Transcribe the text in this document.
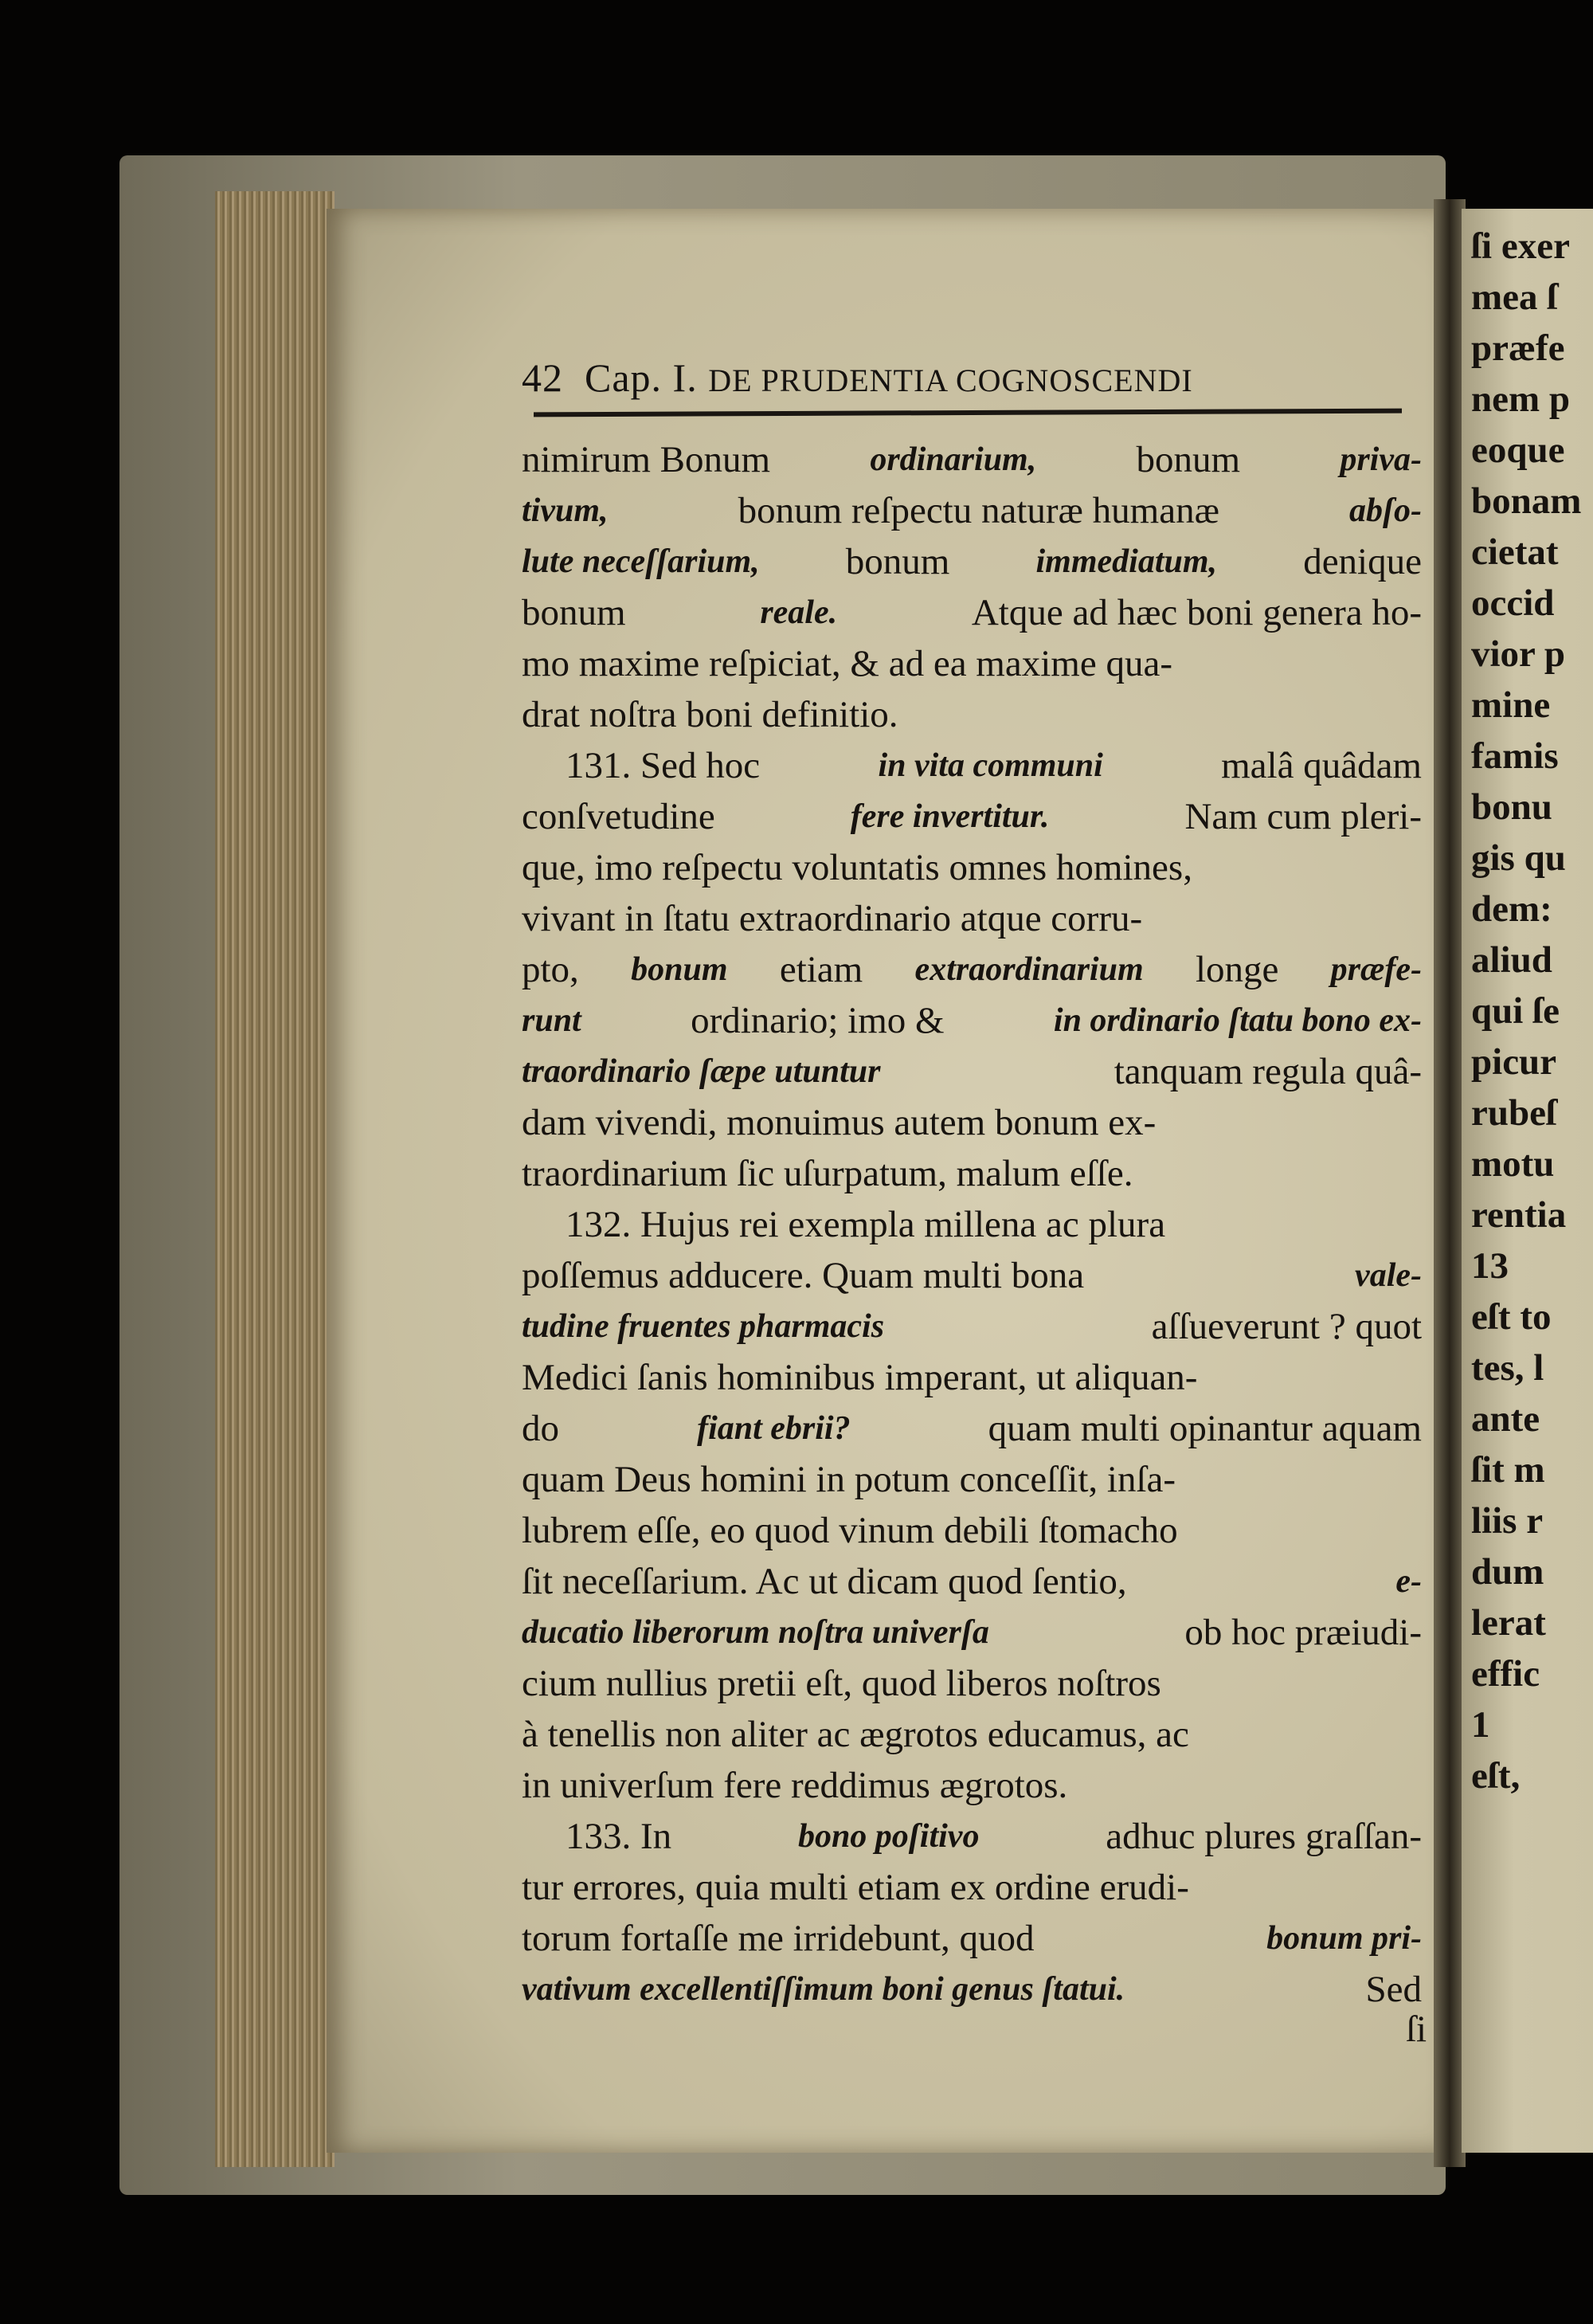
ſi exer
mea ſ
præfe
nem p
eoque
bonam
cietat
occid
vior p
mine
famis
bonu
gis qu
dem:
aliud
qui ſe
picur
rubeſ
motu
rentia
13
eſt to
tes, l
ante
ſit m
liis r
dum
lerat
effic
1
eſt,
42 Cap. I. DE PRUDENTIA COGNOSCENDI
nimirum Bonum	ordinarium,	bonum	priva-
tivum,	bonum reſpectu naturæ humanæ	abſo-
lute neceſſarium, bonum	immediatum, denique
bonum	reale.	Atque ad hæc boni genera ho-
mo maxime reſpiciat, & ad ea maxime qua-
drat noſtra boni definitio.
131. Sed hoc	in vita communi	malâ quâdam
conſvetudine	fere invertitur.	Nam cum pleri-
que, imo reſpectu voluntatis omnes homines,
vivant in ſtatu extraordinario atque corru-
pto, bonum etiam extraordinarium longe præfe-
runt	ordinario; imo &	in ordinario ſtatu bono ex-
traordinario ſæpe utuntur	tanquam regula quâ-
dam vivendi, monuimus autem bonum ex-
traordinarium ſic uſurpatum, malum eſſe.
132. Hujus rei exempla millena ac plura
poſſemus adducere. Quam multi bona	vale-
tudine fruentes pharmacis	aſſueverunt ? quot
Medici ſanis hominibus imperant, ut aliquan-
do	fiant ebrii?	quam multi opinantur aquam
quam Deus homini in potum conceſſit, inſa-
lubrem eſſe, eo quod vinum debili ſtomacho
ſit neceſſarium. Ac ut dicam quod ſentio,	e-
ducatio liberorum noſtra univerſa	ob hoc præiudi-
cium nullius pretii eſt, quod liberos noſtros
à tenellis non aliter ac ægrotos educamus, ac
in univerſum fere reddimus ægrotos.
133. In	bono poſitivo	adhuc plures graſſan-
tur errores, quia multi etiam ex ordine erudi-
torum fortaſſe me irridebunt, quod	bonum pri-
vativum excellentiſſimum boni genus ſtatui.	Sed
ſi
